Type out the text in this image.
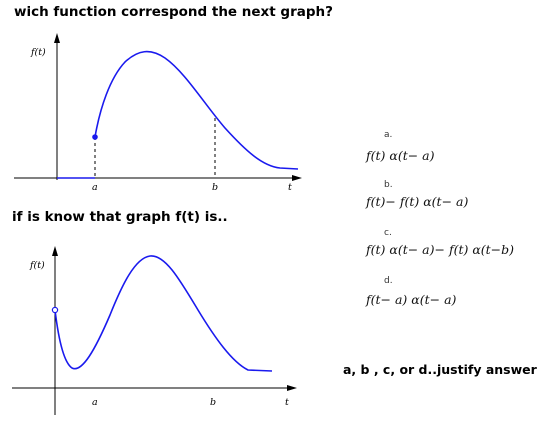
wich function correspond the next graph?
f(t)
a	b	t
if is know that graph f(t) is..
f(t)
a	b	t
a.
f(t) α(t− a)
b.
f(t)− f(t) α(t− a)
c.
f(t) α(t− a)− f(t) α(t−b)
d.
f(t− a) α(t− a)
a, b , c, or d..justify answer
